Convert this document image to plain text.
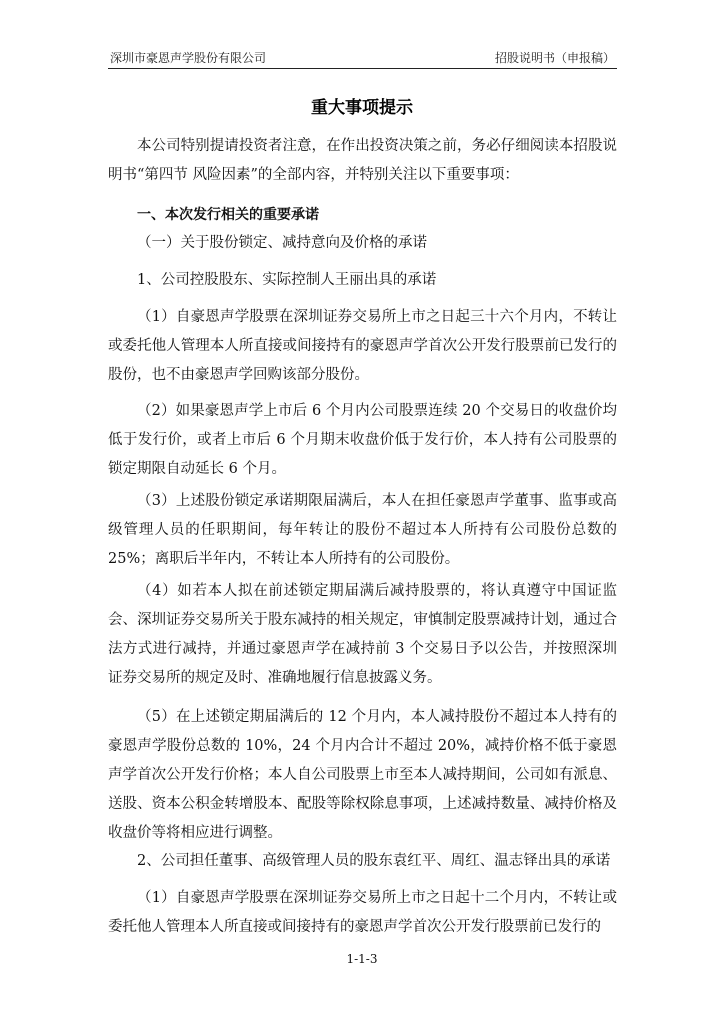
深圳市豪恩声学股份有限公司	招股说明书（申报稿）
重大事项提示
本公司特别提请投资者注意，在作出投资决策之前，务必仔细阅读本招股说明书“第四节 风险因素”的全部内容，并特别关注以下重要事项：
一、本次发行相关的重要承诺
（一）关于股份锁定、减持意向及价格的承诺
1、公司控股股东、实际控制人王丽出具的承诺
（1）自豪恩声学股票在深圳证券交易所上市之日起三十六个月内，不转让或委托他人管理本人所直接或间接持有的豪恩声学首次公开发行股票前已发行的股份，也不由豪恩声学回购该部分股份。
（2）如果豪恩声学上市后 6 个月内公司股票连续 20 个交易日的收盘价均低于发行价，或者上市后 6 个月期末收盘价低于发行价，本人持有公司股票的锁定期限自动延长 6 个月。
（3）上述股份锁定承诺期限届满后，本人在担任豪恩声学董事、监事或高级管理人员的任职期间，每年转让的股份不超过本人所持有公司股份总数的 25%；离职后半年内，不转让本人所持有的公司股份。
（4）如若本人拟在前述锁定期届满后减持股票的，将认真遵守中国证监会、深圳证券交易所关于股东减持的相关规定，审慎制定股票减持计划，通过合法方式进行减持，并通过豪恩声学在减持前 3 个交易日予以公告，并按照深圳证券交易所的规定及时、准确地履行信息披露义务。
（5）在上述锁定期届满后的 12 个月内，本人减持股份不超过本人持有的豪恩声学股份总数的 10%，24 个月内合计不超过 20%，减持价格不低于豪恩声学首次公开发行价格；本人自公司股票上市至本人减持期间，公司如有派息、送股、资本公积金转增股本、配股等除权除息事项，上述减持数量、减持价格及收盘价等将相应进行调整。
2、公司担任董事、高级管理人员的股东袁红平、周红、温志铎出具的承诺
（1）自豪恩声学股票在深圳证券交易所上市之日起十二个月内，不转让或委托他人管理本人所直接或间接持有的豪恩声学首次公开发行股票前已发行的
1-1-3
